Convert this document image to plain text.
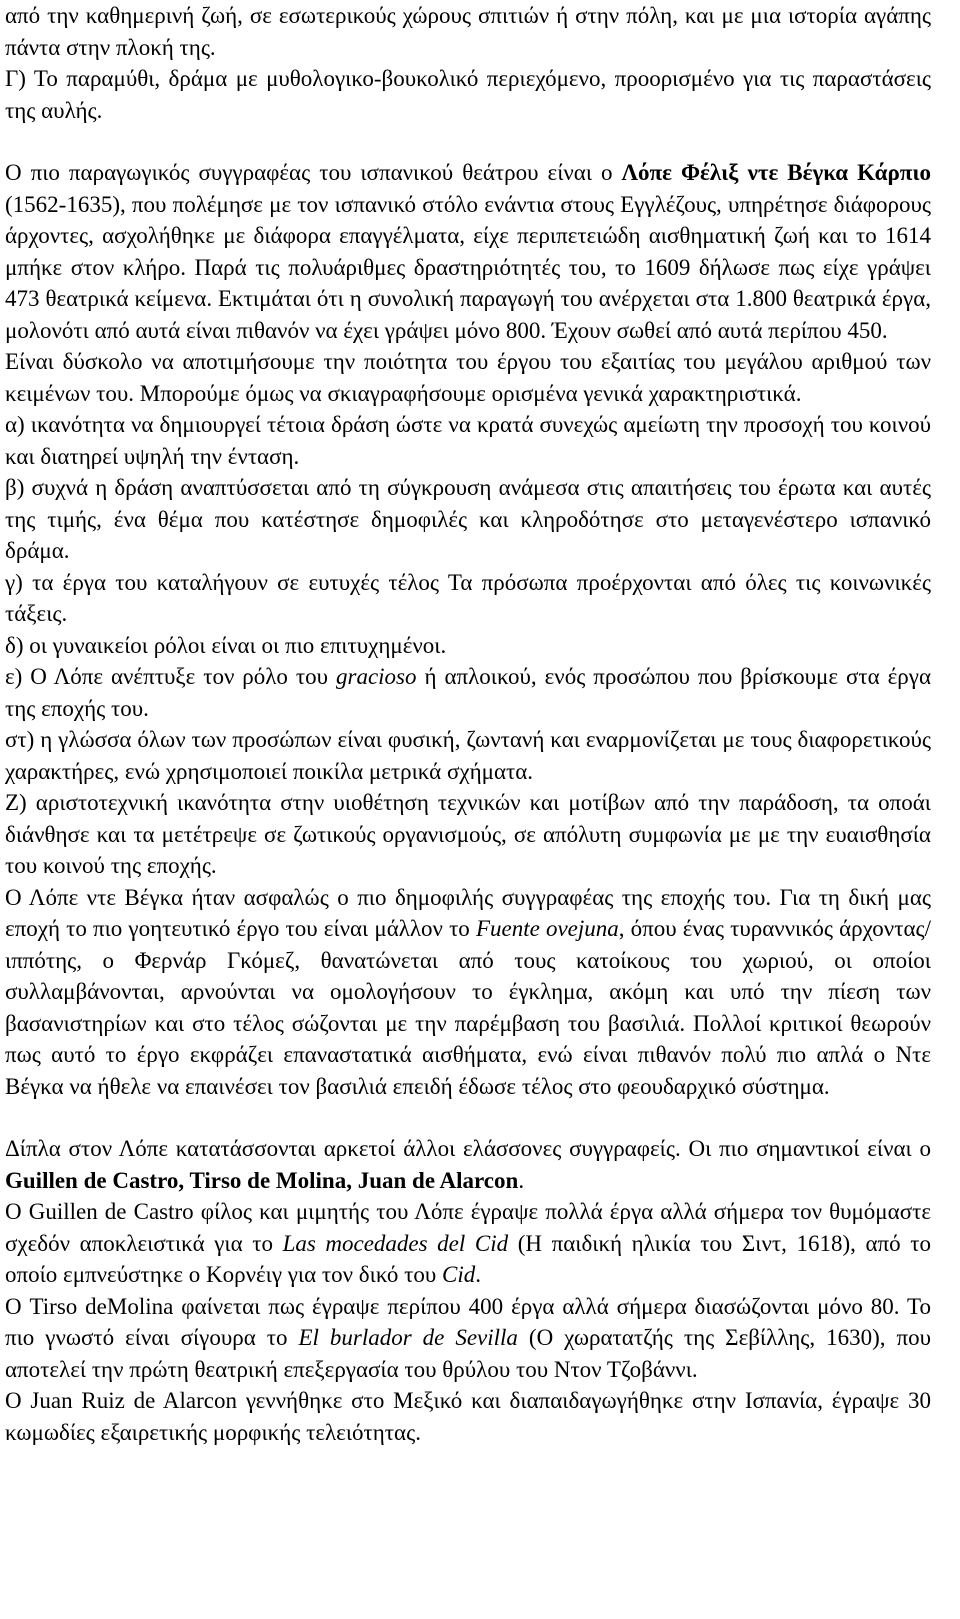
από την καθημερινή ζωή, σε εσωτερικούς χώρους σπιτιών ή στην πόλη, και με μια ιστορία αγάπης πάντα στην πλοκή της.

Γ) Το παραμύθι, δράμα με μυθολογικο-βουκολικό περιεχόμενο, προορισμένο για τις παραστάσεις της αυλής.

Ο πιο παραγωγικός συγγραφέας του ισπανικού θεάτρου είναι ο Λόπε Φέλιξ ντε Βέγκα Κάρπιο (1562-1635), που πολέμησε με τον ισπανικό στόλο ενάντια στους Εγγλέζους, υπηρέτησε διάφορους άρχοντες, ασχολήθηκε με διάφορα επαγγέλματα, είχε περιπετειώδη αισθηματική ζωή και το 1614 μπήκε στον κλήρο. Παρά τις πολυάριθμες δραστηριότητές του, το 1609 δήλωσε πως είχε γράψει 473 θεατρικά κείμενα. Εκτιμάται ότι η συνολική παραγωγή του ανέρχεται στα 1.800 θεατρικά έργα, μολονότι από αυτά είναι πιθανόν να έχει γράψει μόνο 800. Έχουν σωθεί από αυτά περίπου 450.

Είναι δύσκολο να αποτιμήσουμε την ποιότητα του έργου του εξαιτίας του μεγάλου αριθμού των κειμένων του. Μπορούμε όμως να σκιαγραφήσουμε ορισμένα γενικά χαρακτηριστικά.

α) ικανότητα να δημιουργεί τέτοια δράση ώστε να κρατά συνεχώς αμείωτη την προσοχή του κοινού και διατηρεί υψηλή την ένταση.

β) συχνά η δράση αναπτύσσεται από τη σύγκρουση ανάμεσα στις απαιτήσεις του έρωτα και αυτές της τιμής, ένα θέμα που κατέστησε δημοφιλές και κληροδότησε στο μεταγενέστερο ισπανικό δράμα.

γ) τα έργα του καταλήγουν σε ευτυχές τέλος Τα πρόσωπα προέρχονται από όλες τις κοινωνικές τάξεις.

δ) οι γυναικείοι ρόλοι είναι οι πιο επιτυχημένοι.

ε) Ο Λόπε ανέπτυξε τον ρόλο του gracioso ή απλοικού, ενός προσώπου που βρίσκουμε στα έργα της εποχής του.

στ) η γλώσσα όλων των προσώπων είναι φυσική, ζωντανή και εναρμονίζεται με τους διαφορετικούς χαρακτήρες, ενώ χρησιμοποιεί ποικίλα μετρικά σχήματα.

Ζ) αριστοτεχνική ικανότητα στην υιοθέτηση τεχνικών και μοτίβων από την παράδοση, τα οποάι διάνθησε και τα μετέτρεψε σε ζωτικούς οργανισμούς, σε απόλυτη συμφωνία με με την ευαισθησία του κοινού της εποχής.

Ο Λόπε ντε Βέγκα ήταν ασφαλώς ο πιο δημοφιλής συγγραφέας της εποχής του. Για τη δική μας εποχή το πιο γοητευτικό έργο του είναι μάλλον το Fuente ovejuna, όπου ένας τυραννικός άρχοντας/ιππότης, ο Φερνάρ Γκόμεζ, θανατώνεται από τους κατοίκους του χωριού, οι οποίοι συλλαμβάνονται, αρνούνται να ομολογήσουν το έγκλημα, ακόμη και υπό την πίεση των βασανιστηρίων και στο τέλος σώζονται με την παρέμβαση του βασιλιά. Πολλοί κριτικοί θεωρούν πως αυτό το έργο εκφράζει επαναστατικά αισθήματα, ενώ είναι πιθανόν πολύ πιο απλά ο Ντε Βέγκα να ήθελε να επαινέσει τον βασιλιά επειδή έδωσε τέλος στο φεουδαρχικό σύστημα.

Δίπλα στον Λόπε κατατάσσονται αρκετοί άλλοι ελάσσονες συγγραφείς. Οι πιο σημαντικοί είναι ο Guillen de Castro, Tirso de Molina, Juan de Alarcon.

Ο Guillen de Castro φίλος και μιμητής του Λόπε έγραψε πολλά έργα αλλά σήμερα τον θυμόμαστε σχεδόν αποκλειστικά για το Las mocedades del Cid (Η παιδική ηλικία του Σιντ, 1618), από το οποίο εμπνεύστηκε ο Κορνέιγ για τον δικό του Cid.

Ο Tirso deMolina φαίνεται πως έγραψε περίπου 400 έργα αλλά σήμερα διασώζονται μόνο 80. Το πιο γνωστό είναι σίγουρα το El burlador de Sevilla (Ο χωρατατζής της Σεβίλλης, 1630), που αποτελεί την πρώτη θεατρική επεξεργασία του θρύλου του Ντον Τζοβάννι.

Ο Juan Ruiz de Alarcon γεννήθηκε στο Μεξικό και διαπαιδαγωγήθηκε στην Ισπανία, έγραψε 30 κωμωδίες εξαιρετικής μορφικής τελειότητας.
